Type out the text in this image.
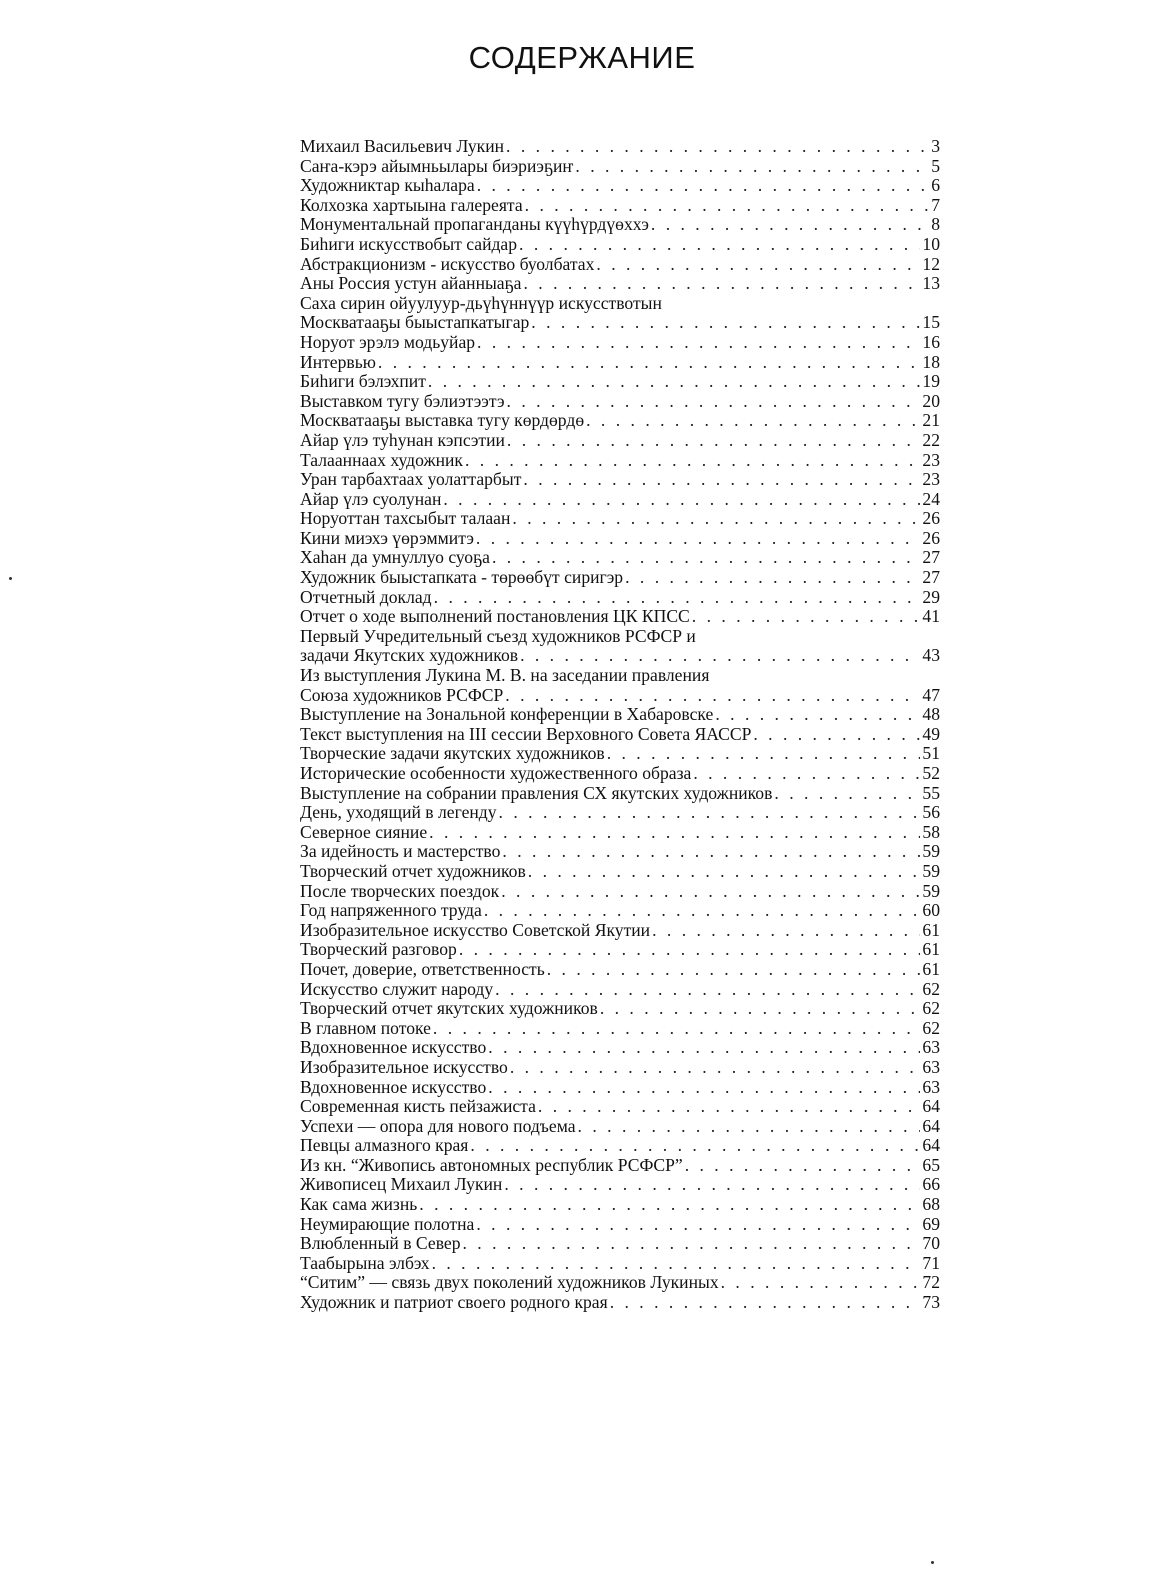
СОДЕРЖАНИЕ
Михаил Васильевич Лукин . . .	3
Саҥа-кэрэ айымньылары биэриэҕиҥ . . .	5
Художниктар кыһалара . . .	6
Колхозка хартыына галереята . . .	7
Монументальнай пропаганданы күүһүрдүөххэ . . .	8
Биһиги искусствобыт сайдар . . .	10
Абстракционизм - искусство буолбатах . . .	12
Аны Россия устун айанныаҕа . . .	13
Саха сирин ойуулуур-дьүһүннүүр искусствотын
Москватааҕы быыстапкатыгар . . .	15
Норуот эрэлэ модьуйар . . .	16
Интервью . . .	18
Биһиги бэлэхпит . . .	19
Выставком тугу бэлиэтээтэ . . .	20
Москватааҕы выставка тугу көрдөрдө . . .	21
Айар үлэ туһунан кэпсэтии . . .	22
Талааннаах художник . . .	23
Уран тарбахтаах уолаттарбыт . . .	23
Айар үлэ суолунан . . .	24
Норуоттан тахсыбыт талаан . . .	26
Кини миэхэ үөрэммитэ . . .	26
Хаһан да умнуллуо суоҕа . . .	27
Художник быыстапката - төрөөбүт сиригэр . . .	27
Отчетный доклад . . .	29
Отчет о ходе выполнений постановления ЦК КПСС . . .	41
Первый Учредительный съезд художников РСФСР и
задачи Якутских художников . . .	43
Из выступления Лукина М. В. на заседании правления
Союза художников РСФСР . . .	47
Выступление на Зональной конференции в Хабаровске . . .	48
Текст выступления на III сессии Верховного Совета ЯАССР . . .	49
Творческие задачи якутских художников . . .	51
Исторические особенности художественного образа . . .	52
Выступление на собрании правления СХ якутских художников . . .	55
День, уходящий в легенду . . .	56
Северное сияние . . .	58
За идейность и мастерство . . .	59
Творческий отчет художников . . .	59
После творческих поездок . . .	59
Год напряженного труда . . .	60
Изобразительное искусство Советской Якутии . . .	61
Творческий разговор . . .	61
Почет, доверие, ответственность . . .	61
Искусство служит народу . . .	62
Творческий отчет якутских художников . . .	62
В главном потоке . . .	62
Вдохновенное искусство . . .	63
Изобразительное искусство . . .	63
Вдохновенное искусство . . .	63
Современная кисть пейзажиста . . .	64
Успехи — опора для нового подъема . . .	64
Певцы алмазного края . . .	64
Из кн. “Живопись автономных республик РСФСР” . . .	65
Живописец Михаил Лукин . . .	66
Как сама жизнь . . .	68
Неумирающие полотна . . .	69
Влюбленный в Север . . .	70
Таабырына элбэх . . .	71
“Ситим” — связь двух поколений художников Лукиных . . .	72
Художник и патриот своего родного края . . .	73
